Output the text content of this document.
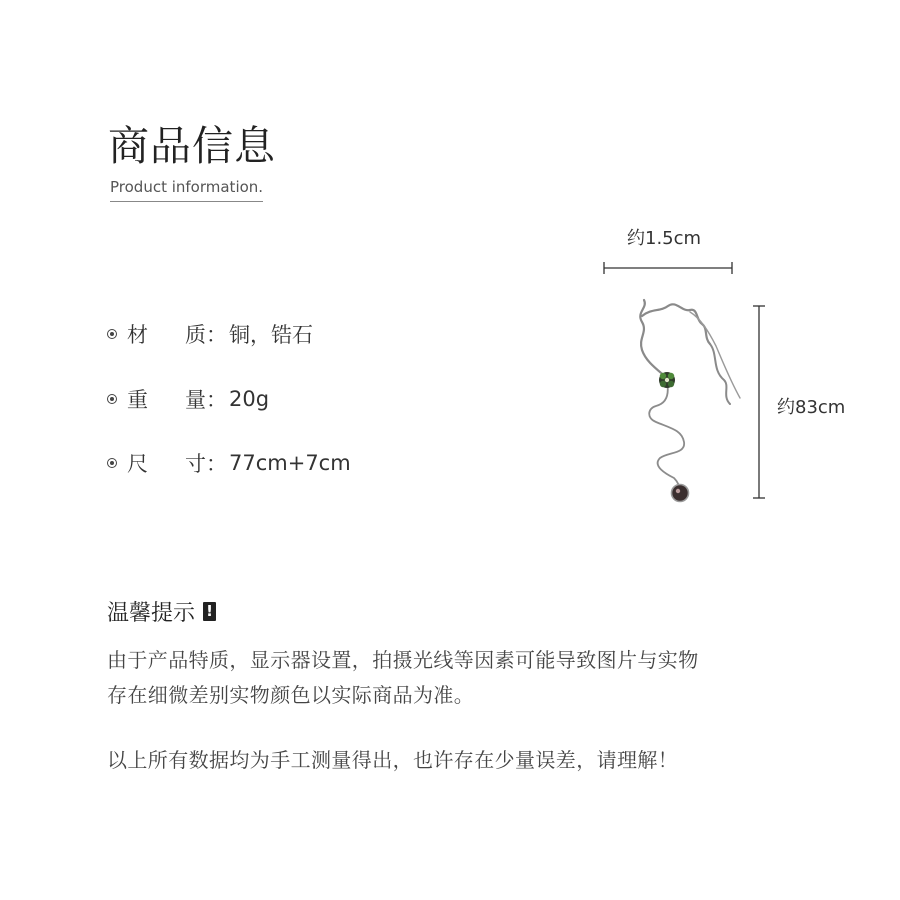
商品信息
Product information.
材 质 ： 铜，锆石
重 量 ： 20g
尺 寸 ： 77cm+7cm
约1.5cm
约83cm
温馨提示 !
由于产品特质，显示器设置，拍摄光线等因素可能导致图片与实物
存在细微差别实物颜色以实际商品为准。
以上所有数据均为手工测量得出，也许存在少量误差，请理解！
